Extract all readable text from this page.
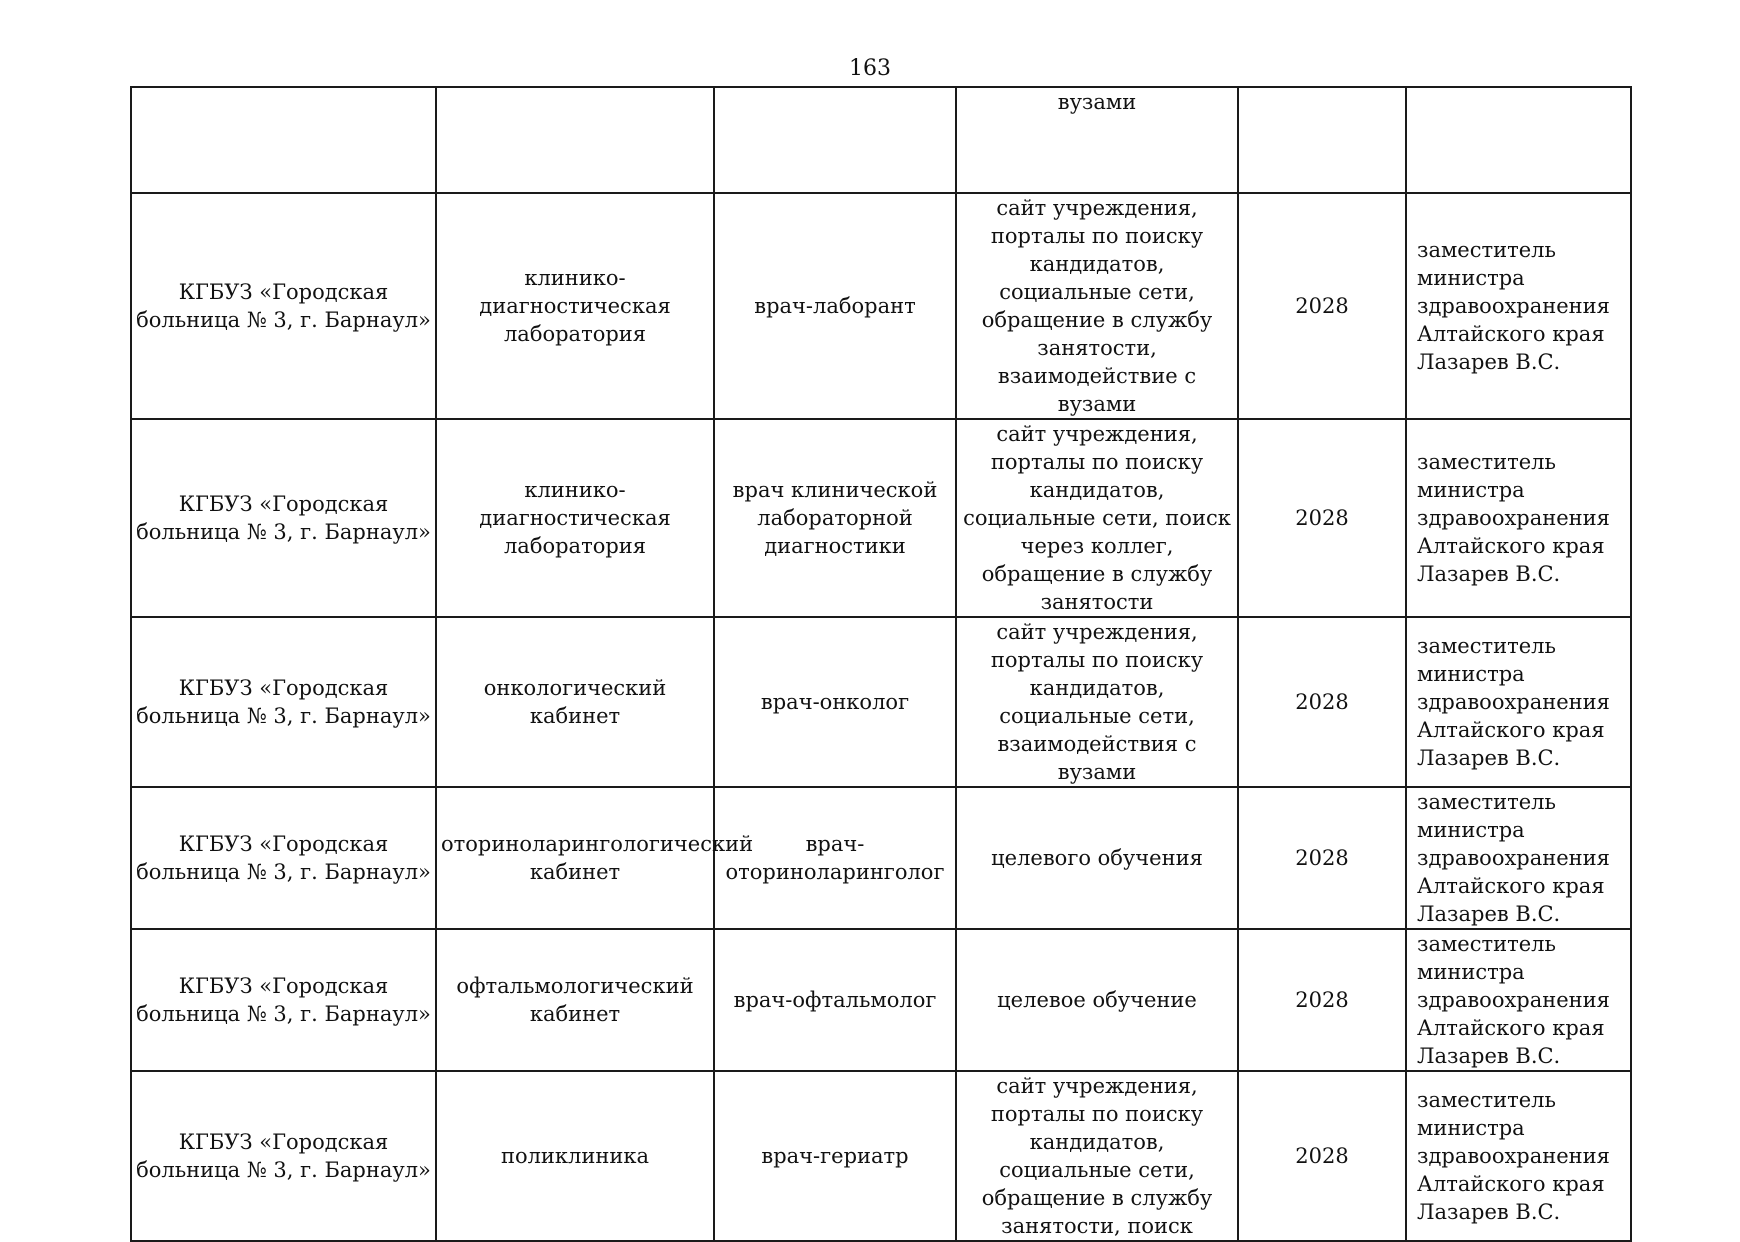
163

			вузами		

КГБУЗ «Городская больница № 3, г. Барнаул»	клинико-диагностическая лаборатория	врач-лаборант	сайт учреждения, порталы по поиску кандидатов, социальные сети, обращение в службу занятости, взаимодействие с вузами	2028	заместитель министра здравоохранения Алтайского края Лазарев В.С.
КГБУЗ «Городская больница № 3, г. Барнаул»	клинико-диагностическая лаборатория	врач клинической лабораторной диагностики	сайт учреждения, порталы по поиску кандидатов, социальные сети, поиск через коллег, обращение в службу занятости	2028	заместитель министра здравоохранения Алтайского края Лазарев В.С.
КГБУЗ «Городская больница № 3, г. Барнаул»	онкологический кабинет	врач-онколог	сайт учреждения, порталы по поиску кандидатов, социальные сети, взаимодействия с вузами	2028	заместитель министра здравоохранения Алтайского края Лазарев В.С.
КГБУЗ «Городская больница № 3, г. Барнаул»	оториноларингологический кабинет	врач-оториноларинголог	целевого обучения	2028	заместитель министра здравоохранения Алтайского края Лазарев В.С.
КГБУЗ «Городская больница № 3, г. Барнаул»	офтальмологический кабинет	врач-офтальмолог	целевое обучение	2028	заместитель министра здравоохранения Алтайского края Лазарев В.С.
КГБУЗ «Городская больница № 3, г. Барнаул»	поликлиника	врач-гериатр	сайт учреждения, порталы по поиску кандидатов, социальные сети, обращение в службу занятости, поиск	2028	заместитель министра здравоохранения Алтайского края Лазарев В.С.
